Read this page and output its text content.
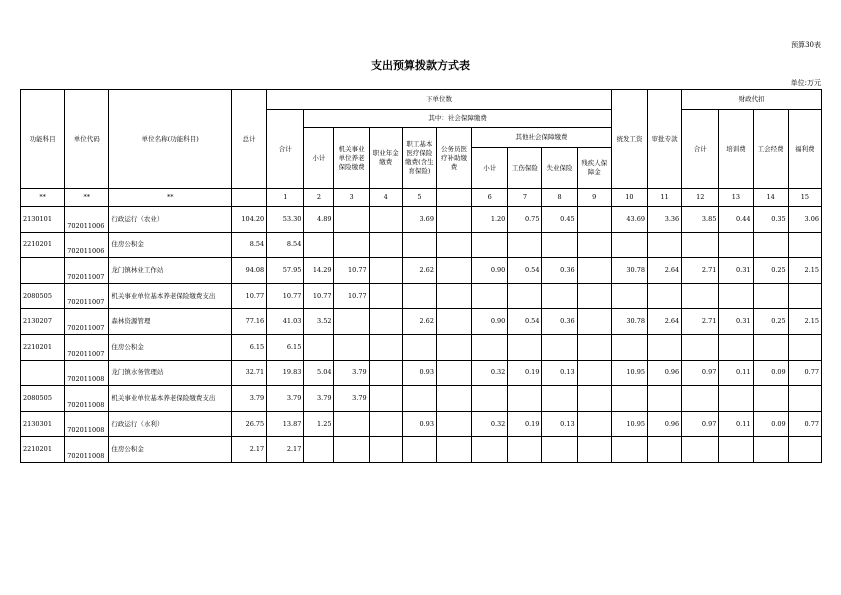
预算30表
支出预算拨款方式表
单位:万元
功能科目	单位代码	单位名称(功能科目)	总计	下单位数										统发工资	审批专款	财政代扣			
				合计	其中：社会保障缴费											合计	培训费	工会经费	福利费
					小计	机关事业单位养老保险缴费	职业年金缴费	职工基本医疗保险缴费(含生育保险)	公务员医疗补助缴费	其他社会保障缴费									
										小计	工伤保险	失业保险	残疾人保障金						
**	**	**		1	2	3	4	5		6	7	8	9	10	11	12	13	14	15
2130101	702011006	行政运行（农业）	104.20	53.30	4.89			3.69		1.20	0.75	0.45		43.69	3.36	3.85	0.44	0.35	3.06
2210201	702011006	住房公积金	8.54	8.54															
	702011007	龙门镇林业工作站	94.08	57.95	14.29	10.77		2.62		0.90	0.54	0.36		30.78	2.64	2.71	0.31	0.25	2.15
2080505	702011007	机关事业单位基本养老保险缴费支出	10.77	10.77	10.77	10.77													
2130207	702011007	森林资源管理	77.16	41.03	3.52			2.62		0.90	0.54	0.36		30.78	2.64	2.71	0.31	0.25	2.15
2210201	702011007	住房公积金	6.15	6.15															
	702011008	龙门镇水务管理站	32.71	19.83	5.04	3.79		0.93		0.32	0.19	0.13		10.95	0.96	0.97	0.11	0.09	0.77
2080505	702011008	机关事业单位基本养老保险缴费支出	3.79	3.79	3.79	3.79													
2130301	702011008	行政运行（水利）	26.75	13.87	1.25			0.93		0.32	0.19	0.13		10.95	0.96	0.97	0.11	0.09	0.77
2210201	702011008	住房公积金	2.17	2.17															
